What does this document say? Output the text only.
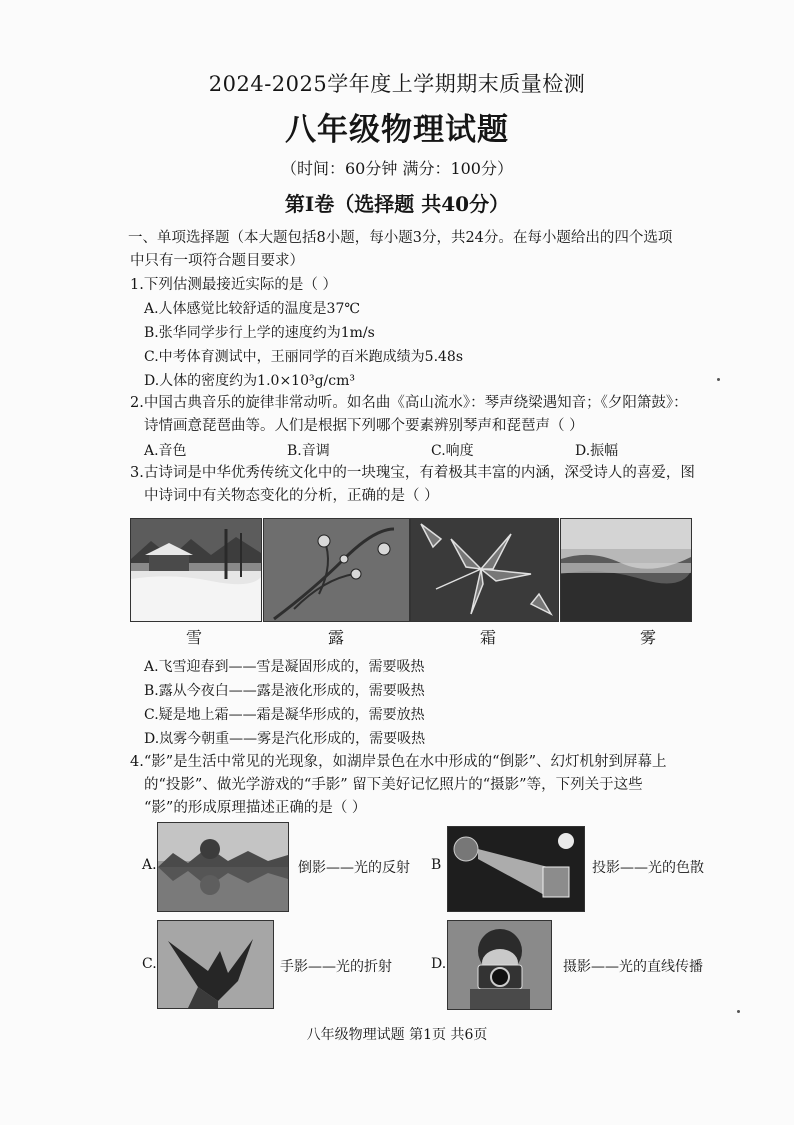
2024-2025学年度上学期期末质量检测
八年级物理试题
（时间：60分钟 满分：100分）
第Ⅰ卷（选择题 共40分）
一、单项选择题（本大题包括8小题，每小题3分，共24分。在每小题给出的四个选项
中只有一项符合题目要求）
1.下列估测最接近实际的是（ ）
A.人体感觉比较舒适的温度是37℃
B.张华同学步行上学的速度约为1m/s
C.中考体育测试中，王丽同学的百米跑成绩为5.48s
D.人体的密度约为1.0×10³g/cm³
2.中国古典音乐的旋律非常动听。如名曲《高山流水》：琴声绕梁遇知音；《夕阳箫鼓》：
诗情画意琵琶曲等。人们是根据下列哪个要素辨别琴声和琵琶声（ ）
A.音色	B.音调	C.响度	D.振幅
3.古诗词是中华优秀传统文化中的一块瑰宝，有着极其丰富的内涵，深受诗人的喜爱，图
中诗词中有关物态变化的分析，正确的是（ ）
雪	露	霜	雾
A.飞雪迎春到——雪是凝固形成的，需要吸热
B.露从今夜白——露是液化形成的，需要吸热
C.疑是地上霜——霜是凝华形成的，需要放热
D.岚雾今朝重——雾是汽化形成的，需要吸热
4.“影”是生活中常见的光现象，如湖岸景色在水中形成的“倒影”、幻灯机射到屏幕上
的“投影”、做光学游戏的“手影” 留下美好记忆照片的“摄影”等，下列关于这些
“影”的形成原理描述正确的是（ ）
A.	倒影——光的反射 B	投影——光的色散
C.	手影——光的折射	D.	摄影——光的直线传播
八年级物理试题 第1页 共6页
